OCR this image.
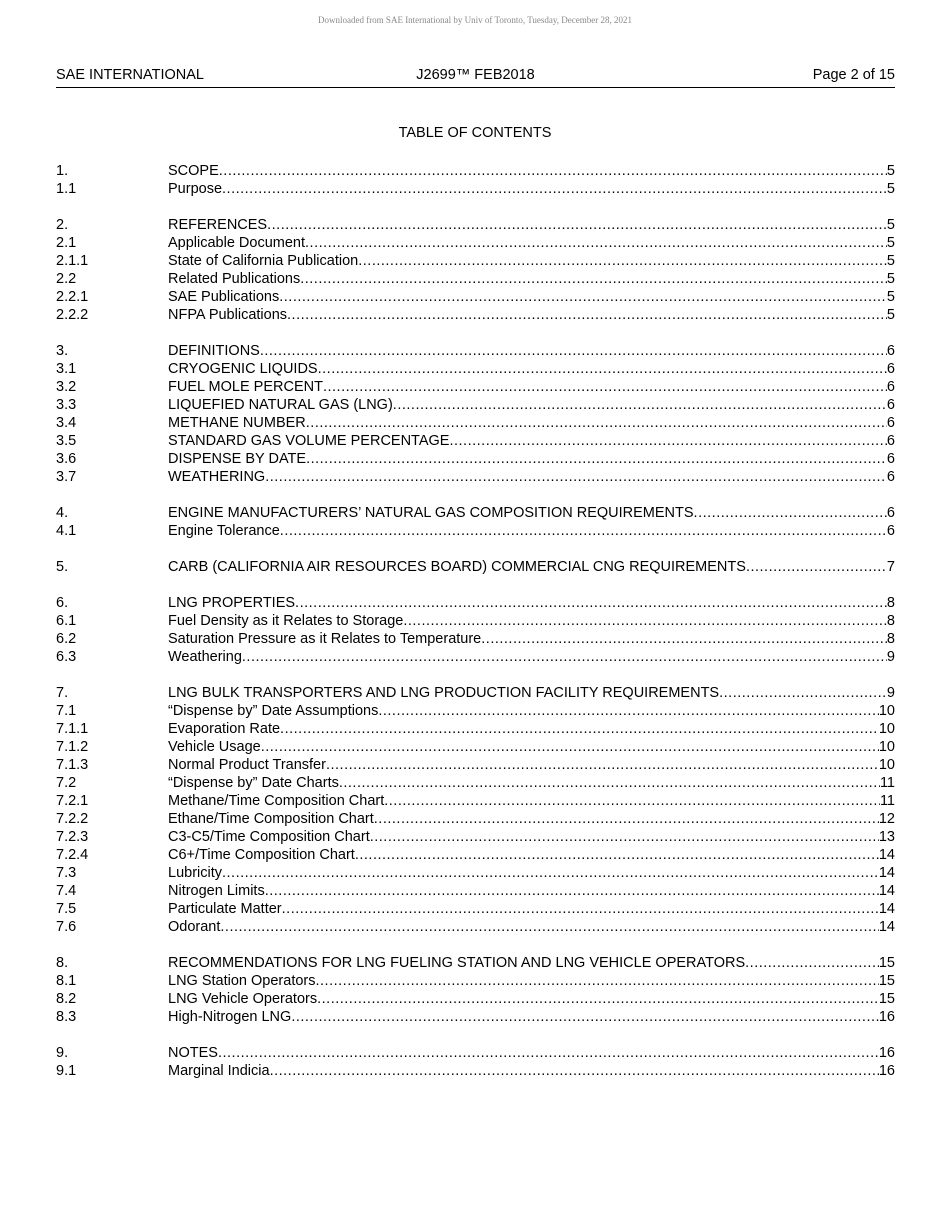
Downloaded from SAE International by Univ of Toronto, Tuesday, December 28, 2021
SAE INTERNATIONAL	J2699™ FEB2018	Page 2 of 15
TABLE OF CONTENTS
1.	SCOPE .....	5
1.1	Purpose .....	5
2.	REFERENCES .....	5
2.1	Applicable Document .....	5
2.1.1	State of California Publication .....	5
2.2	Related Publications .....	5
2.2.1	SAE Publications .....	5
2.2.2	NFPA Publications .....	5
3.	DEFINITIONS .....	6
3.1	CRYOGENIC LIQUIDS .....	6
3.2	FUEL MOLE PERCENT .....	6
3.3	LIQUEFIED NATURAL GAS (LNG) .....	6
3.4	METHANE NUMBER .....	6
3.5	STANDARD GAS VOLUME PERCENTAGE .....	6
3.6	DISPENSE BY DATE .....	6
3.7	WEATHERING .....	6
4.	ENGINE MANUFACTURERS’ NATURAL GAS COMPOSITION REQUIREMENTS .....	6
4.1	Engine Tolerance .....	6
5.	CARB (CALIFORNIA AIR RESOURCES BOARD) COMMERCIAL CNG REQUIREMENTS .....	7
6.	LNG PROPERTIES .....	8
6.1	Fuel Density as it Relates to Storage .....	8
6.2	Saturation Pressure as it Relates to Temperature .....	8
6.3	Weathering .....	9
7.	LNG BULK TRANSPORTERS AND LNG PRODUCTION FACILITY REQUIREMENTS .....	9
7.1	“Dispense by” Date Assumptions .....	10
7.1.1	Evaporation Rate .....	10
7.1.2	Vehicle Usage .....	10
7.1.3	Normal Product Transfer .....	10
7.2	“Dispense by” Date Charts .....	11
7.2.1	Methane/Time Composition Chart .....	11
7.2.2	Ethane/Time Composition Chart .....	12
7.2.3	C3-C5/Time Composition Chart .....	13
7.2.4	C6+/Time Composition Chart .....	14
7.3	Lubricity .....	14
7.4	Nitrogen Limits .....	14
7.5	Particulate Matter .....	14
7.6	Odorant .....	14
8.	RECOMMENDATIONS FOR LNG FUELING STATION AND LNG VEHICLE OPERATORS .....	15
8.1	LNG Station Operators .....	15
8.2	LNG Vehicle Operators .....	15
8.3	High-Nitrogen LNG .....	16
9.	NOTES .....	16
9.1	Marginal Indicia .....	16
